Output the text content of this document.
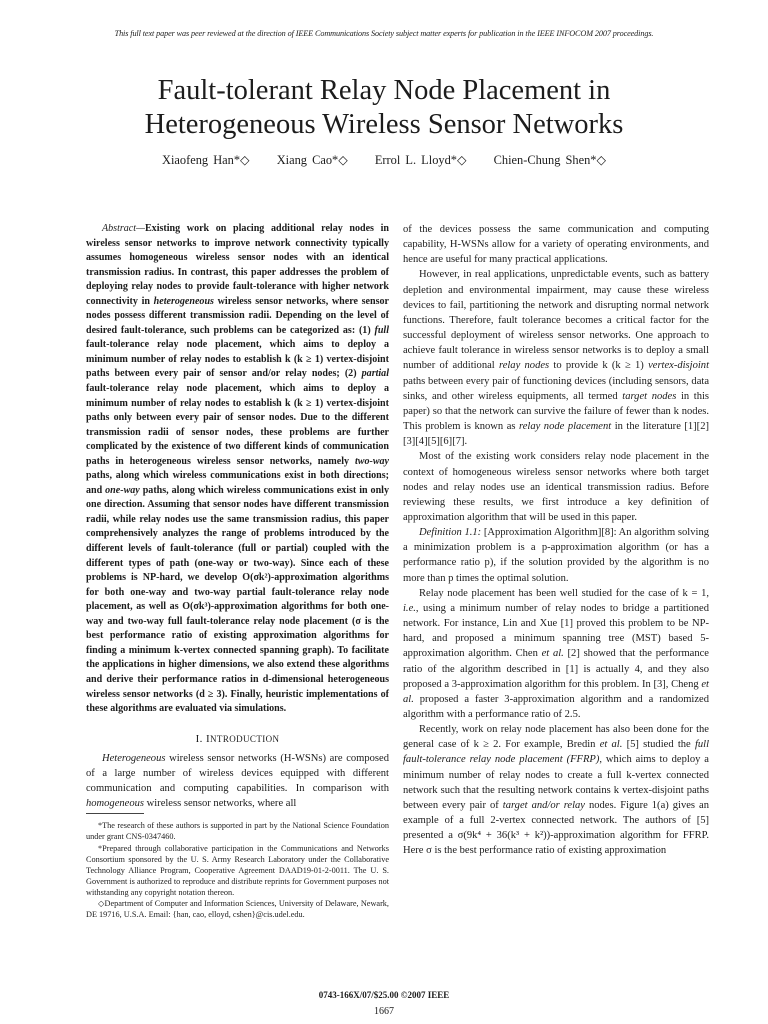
This full text paper was peer reviewed at the direction of IEEE Communications Society subject matter experts for publication in the IEEE INFOCOM 2007 proceedings.
Fault-tolerant Relay Node Placement in
Heterogeneous Wireless Sensor Networks
Xiaofeng Han*◇ Xiang Cao*◇ Errol L. Lloyd*◇ Chien-Chung Shen*◇

Abstract—Existing work on placing additional relay nodes in wireless sensor networks to improve network connectivity typically assumes homogeneous wireless sensor nodes with an identical transmission radius. In contrast, this paper addresses the problem of deploying relay nodes to provide fault-tolerance with higher network connectivity in heterogeneous wireless sensor networks, where sensor nodes possess different transmission radii. Depending on the level of desired fault-tolerance, such problems can be categorized as: (1) full fault-tolerance relay node placement, which aims to deploy a minimum number of relay nodes to establish k (k ≥ 1) vertex-disjoint paths between every pair of sensor and/or relay nodes; (2) partial fault-tolerance relay node placement, which aims to deploy a minimum number of relay nodes to establish k (k ≥ 1) vertex-disjoint paths only between every pair of sensor nodes. Due to the different transmission radii of sensor nodes, these problems are further complicated by the existence of two different kinds of communication paths in heterogeneous wireless sensor networks, namely two-way paths, along which wireless communications exist in both directions; and one-way paths, along which wireless communications exist in only one direction. Assuming that sensor nodes have different transmission radii, while relay nodes use the same transmission radius, this paper comprehensively analyzes the range of problems introduced by the different levels of fault-tolerance (full or partial) coupled with the different types of path (one-way or two-way). Since each of these problems is NP-hard, we develop O(σk²)-approximation algorithms for both one-way and two-way partial fault-tolerance relay node placement, as well as O(σk³)-approximation algorithms for both one-way and two-way full fault-tolerance relay node placement (σ is the best performance ratio of existing approximation algorithms for finding a minimum k-vertex connected spanning graph). To facilitate the applications in higher dimensions, we also extend these algorithms and derive their performance ratios in d-dimensional heterogeneous wireless sensor networks (d ≥ 3). Finally, heuristic implementations of these algorithms are evaluated via simulations.

I. INTRODUCTION

Heterogeneous wireless sensor networks (H-WSNs) are composed of a large number of wireless devices equipped with different communication and computing capabilities. In comparison with homogeneous wireless sensor networks, where all

*The research of these authors is supported in part by the National Science Foundation under grant CNS-0347460.

*Prepared through collaborative participation in the Communications and Networks Consortium sponsored by the U. S. Army Research Laboratory under the Collaborative Technology Alliance Program, Cooperative Agreement DAAD19-01-2-0011. The U. S. Government is authorized to reproduce and distribute reprints for Government purposes not withstanding any copyright notation thereon.

◇Department of Computer and Information Sciences, University of Delaware, Newark, DE 19716, U.S.A. Email: {han, cao, elloyd, cshen}@cis.udel.edu.

of the devices possess the same communication and computing capability, H-WSNs allow for a variety of operating environments, and hence are useful for many practical applications.

However, in real applications, unpredictable events, such as battery depletion and environmental impairment, may cause these wireless devices to fail, partitioning the network and disrupting normal network functions. Therefore, fault tolerance becomes a critical factor for the successful deployment of wireless sensor networks. One approach to achieve fault tolerance in wireless sensor networks is to deploy a small number of additional relay nodes to provide k (k ≥ 1) vertex-disjoint paths between every pair of functioning devices (including sensors, data sinks, and other wireless equipments, all termed target nodes in this paper) so that the network can survive the failure of fewer than k nodes. This problem is known as relay node placement in the literature [1][2][3][4][5][6][7].

Most of the existing work considers relay node placement in the context of homogeneous wireless sensor networks where both target nodes and relay nodes use an identical transmission radius. Before reviewing these results, we first introduce a key definition of approximation algorithm that will be used in this paper.

Definition 1.1: [Approximation Algorithm][8]: An algorithm solving a minimization problem is a p-approximation algorithm (or has a performance ratio p), if the solution provided by the algorithm is no more than p times the optimal solution.

Relay node placement has been well studied for the case of k = 1, i.e., using a minimum number of relay nodes to bridge a partitioned network. For instance, Lin and Xue [1] proved this problem to be NP-hard, and proposed a minimum spanning tree (MST) based 5-approximation algorithm. Chen et al. [2] showed that the performance ratio of the algorithm described in [1] is actually 4, and they also proposed a 3-approximation algorithm for this problem. In [3], Cheng et al. proposed a faster 3-approximation algorithm and a randomized algorithm with a performance ratio of 2.5.

Recently, work on relay node placement has also been done for the general case of k ≥ 2. For example, Bredin et al. [5] studied the full fault-tolerance relay node placement (FFRP), which aims to deploy a minimum number of relay nodes to create a full k-vertex connected network such that the resulting network contains k vertex-disjoint paths between every pair of target and/or relay nodes. Figure 1(a) gives an example of a full 2-vertex connected network. The authors of [5] presented a σ(9k⁴ + 36(k³ + k²))-approximation algorithm for FFRP. Here σ is the best performance ratio of existing approximation

0743-166X/07/$25.00 ©2007 IEEE
1667
